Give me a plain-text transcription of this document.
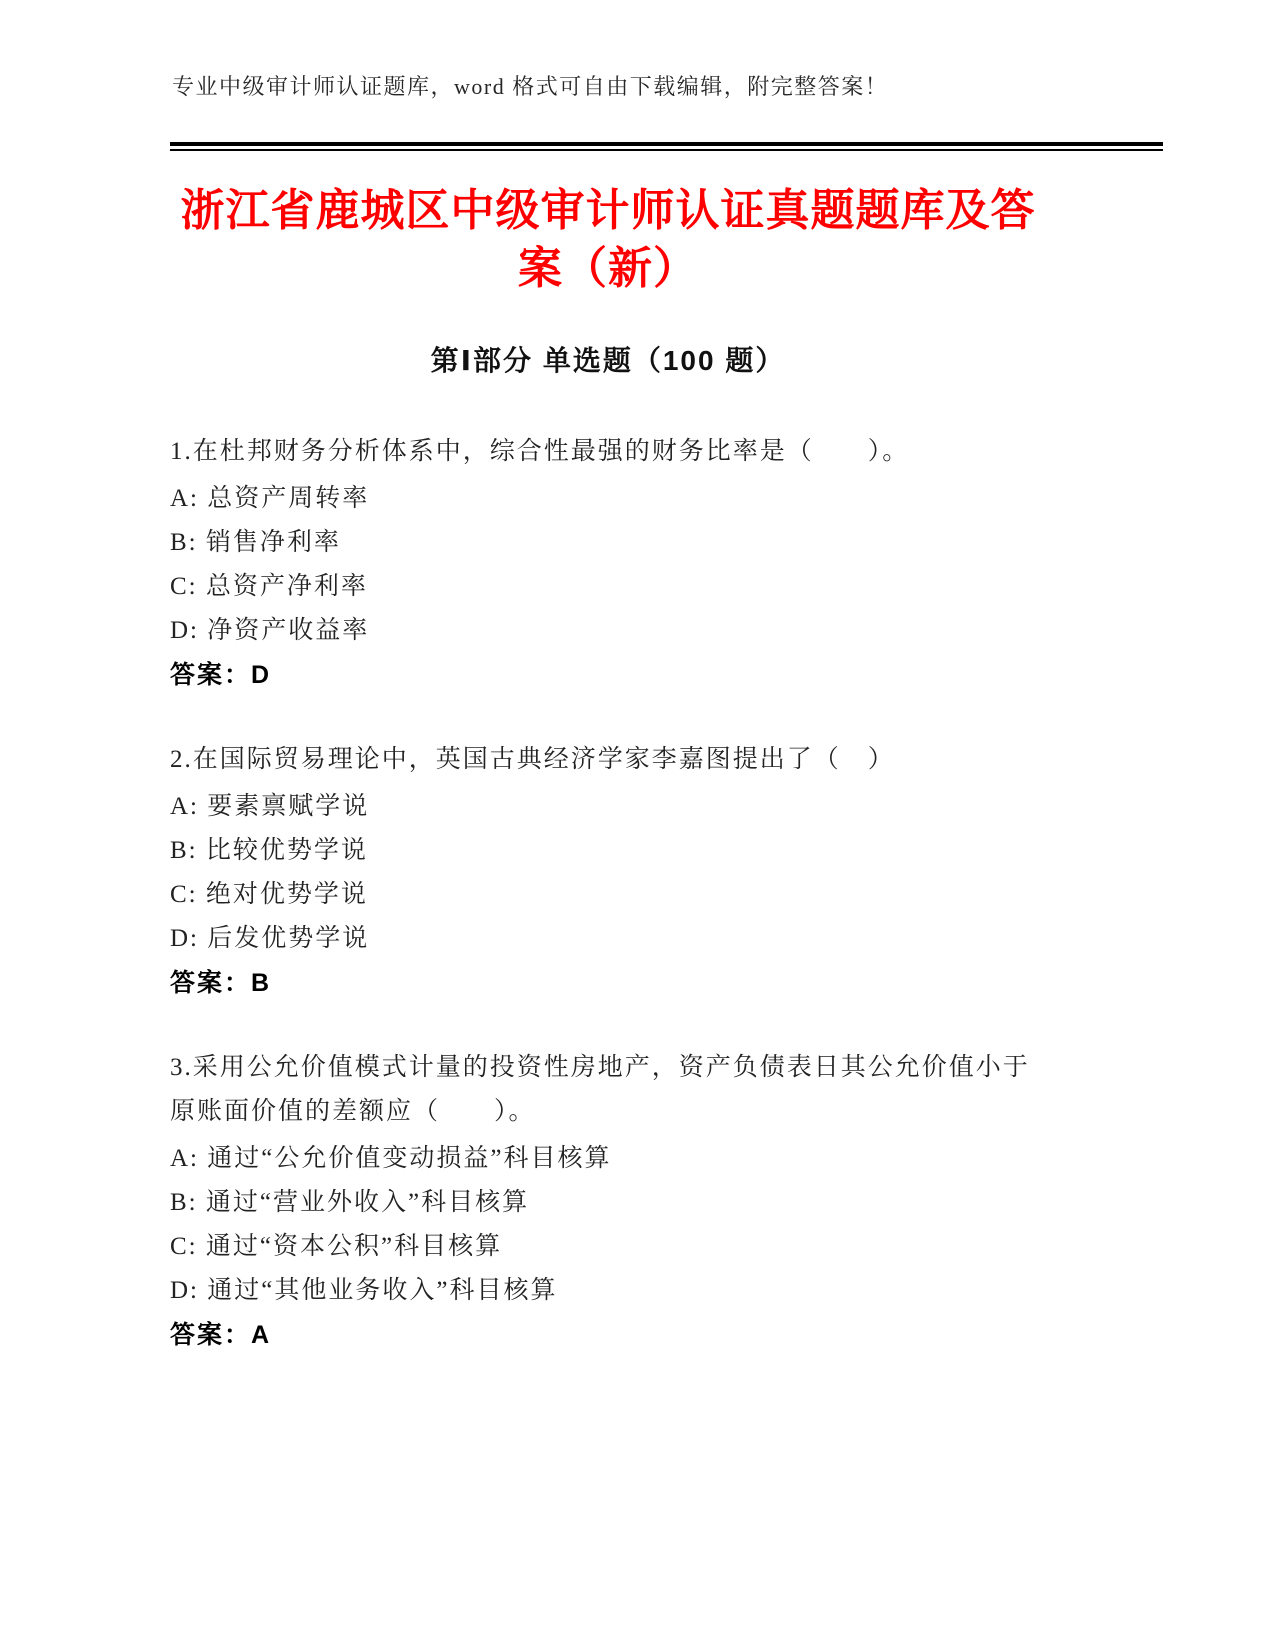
专业中级审计师认证题库，word 格式可自由下载编辑，附完整答案！
浙江省鹿城区中级审计师认证真题题库及答案（新）
第Ⅰ部分 单选题（100 题）

1.在杜邦财务分析体系中，综合性最强的财务比率是（　　）。

A: 总资产周转率

B: 销售净利率

C: 总资产净利率

D: 净资产收益率

答案：D

2.在国际贸易理论中，英国古典经济学家李嘉图提出了（　）

A: 要素禀赋学说

B: 比较优势学说

C: 绝对优势学说

D: 后发优势学说

答案：B

3.采用公允价值模式计量的投资性房地产，资产负债表日其公允价值小于原账面价值的差额应（　　）。

A: 通过“公允价值变动损益”科目核算

B: 通过“营业外收入”科目核算

C: 通过“资本公积”科目核算

D: 通过“其他业务收入”科目核算

答案：A
